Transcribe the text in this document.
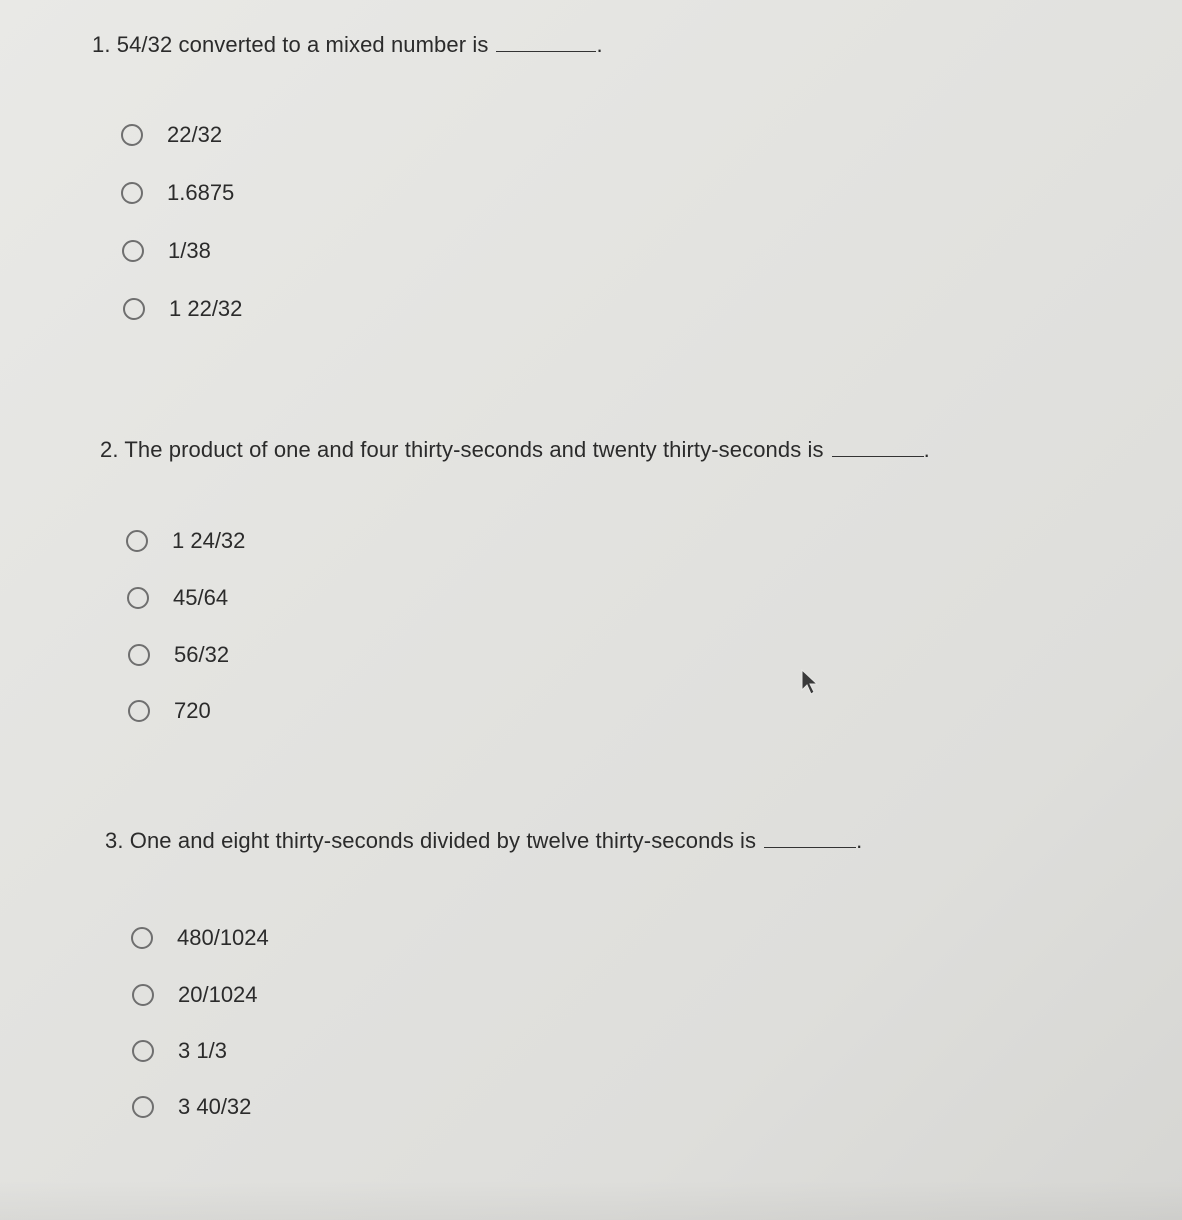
1. 54/32 converted to a mixed number is	.
22/32
1.6875
1/38
1 22/32
2. The product of one and four thirty-seconds and twenty thirty-seconds is	.
1 24/32
45/64
56/32
720
3. One and eight thirty-seconds divided by twelve thirty-seconds is	.
480/1024
20/1024
3 1/3
3 40/32
